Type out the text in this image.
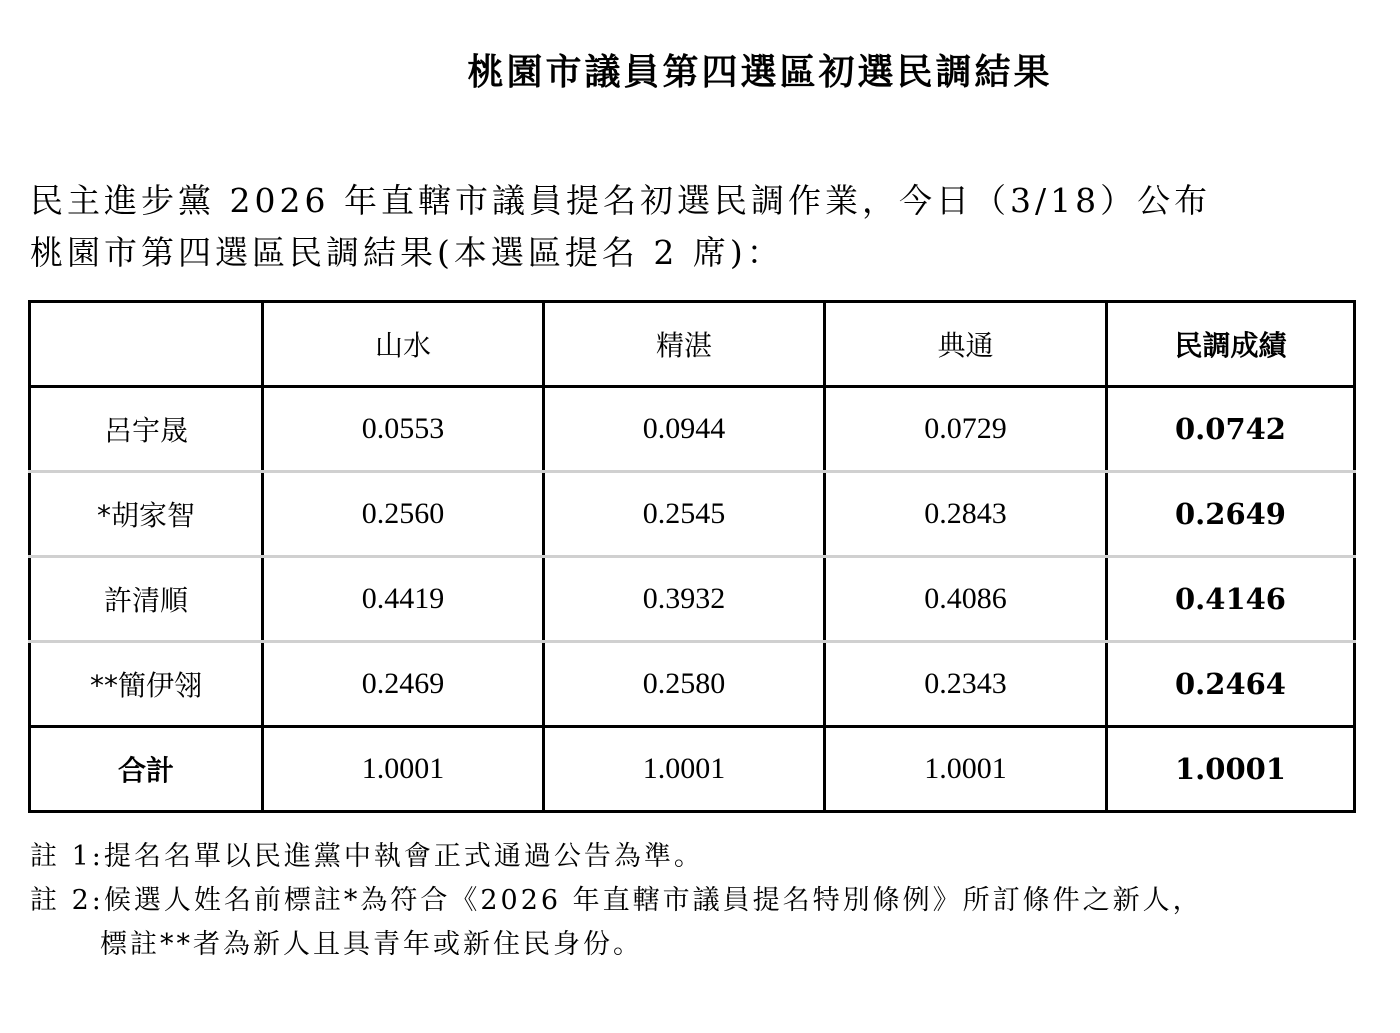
桃園市議員第四選區初選民調結果
民主進步黨 2026 年直轄市議員提名初選民調作業，今日（3/18）公布
桃園市第四選區民調結果(本選區提名 2 席)：
	山水	精湛	典通	民調成績
呂宇晟	0.0553	0.0944	0.0729	0.0742
*胡家智	0.2560	0.2545	0.2843	0.2649
許清順	0.4419	0.3932	0.4086	0.4146
**簡伊翎	0.2469	0.2580	0.2343	0.2464
合計	1.0001	1.0001	1.0001	1.0001
註 1:提名名單以民進黨中執會正式通過公告為準。
註 2:候選人姓名前標註*為符合《2026 年直轄市議員提名特別條例》所訂條件之新人，
標註**者為新人且具青年或新住民身份。
